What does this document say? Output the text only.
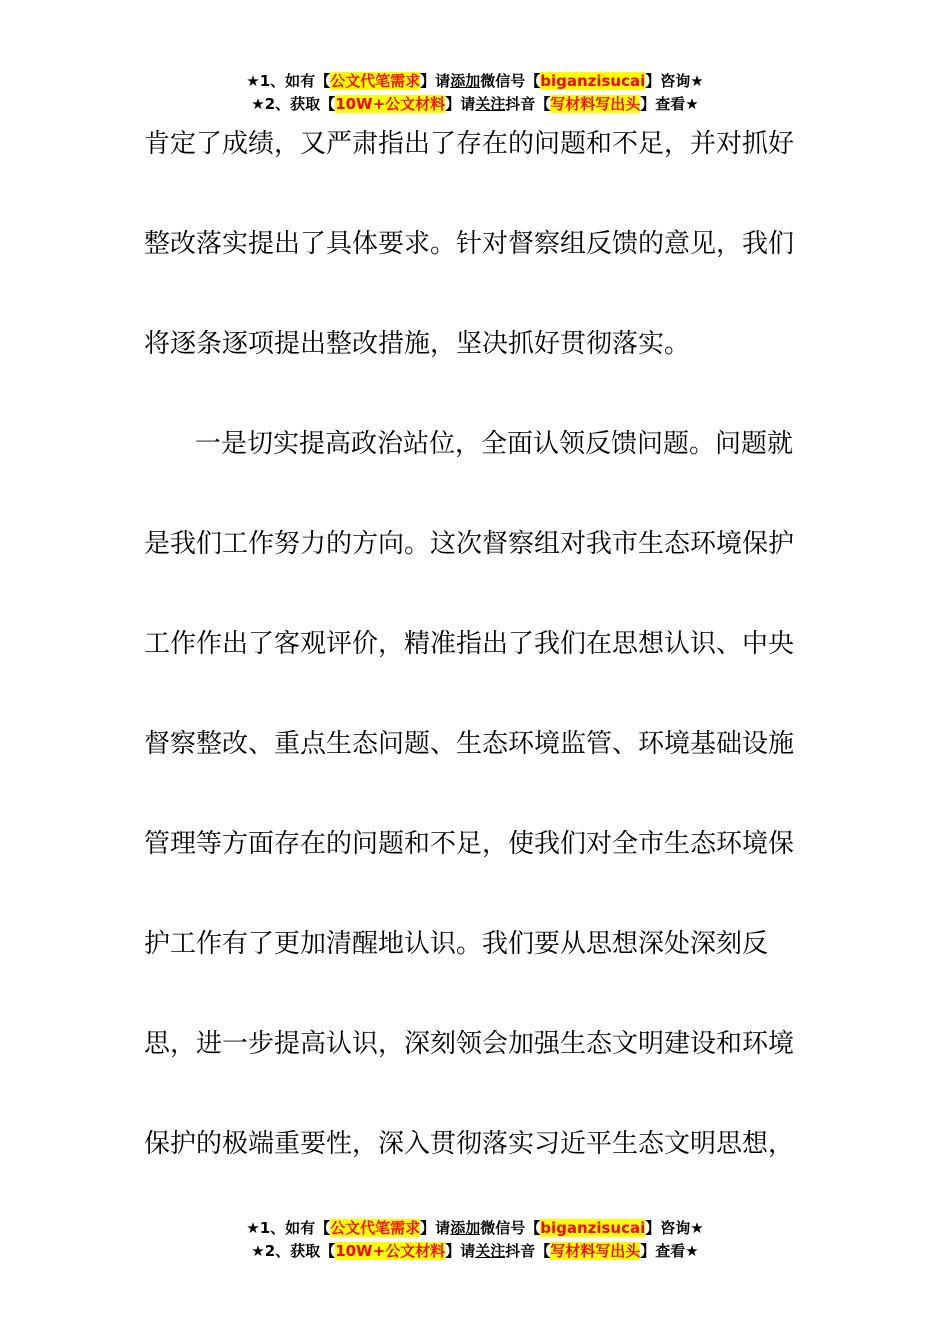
★1、如有【公文代笔需求】请添加微信号【biganzisucai】咨询★
★2、获取【10W+公文材料】请关注抖音【写材料写出头】查看★
肯定了成绩，又严肃指出了存在的问题和不足，并对抓好
整改落实提出了具体要求。针对督察组反馈的意见，我们
将逐条逐项提出整改措施，坚决抓好贯彻落实。
一是切实提高政治站位，全面认领反馈问题。问题就
是我们工作努力的方向。这次督察组对我市生态环境保护
工作作出了客观评价，精准指出了我们在思想认识、中央
督察整改、重点生态问题、生态环境监管、环境基础设施
管理等方面存在的问题和不足，使我们对全市生态环境保
护工作有了更加清醒地认识。我们要从思想深处深刻反
思，进一步提高认识，深刻领会加强生态文明建设和环境
保护的极端重要性，深入贯彻落实习近平生态文明思想，
★1、如有【公文代笔需求】请添加微信号【biganzisucai】咨询★
★2、获取【10W+公文材料】请关注抖音【写材料写出头】查看★
